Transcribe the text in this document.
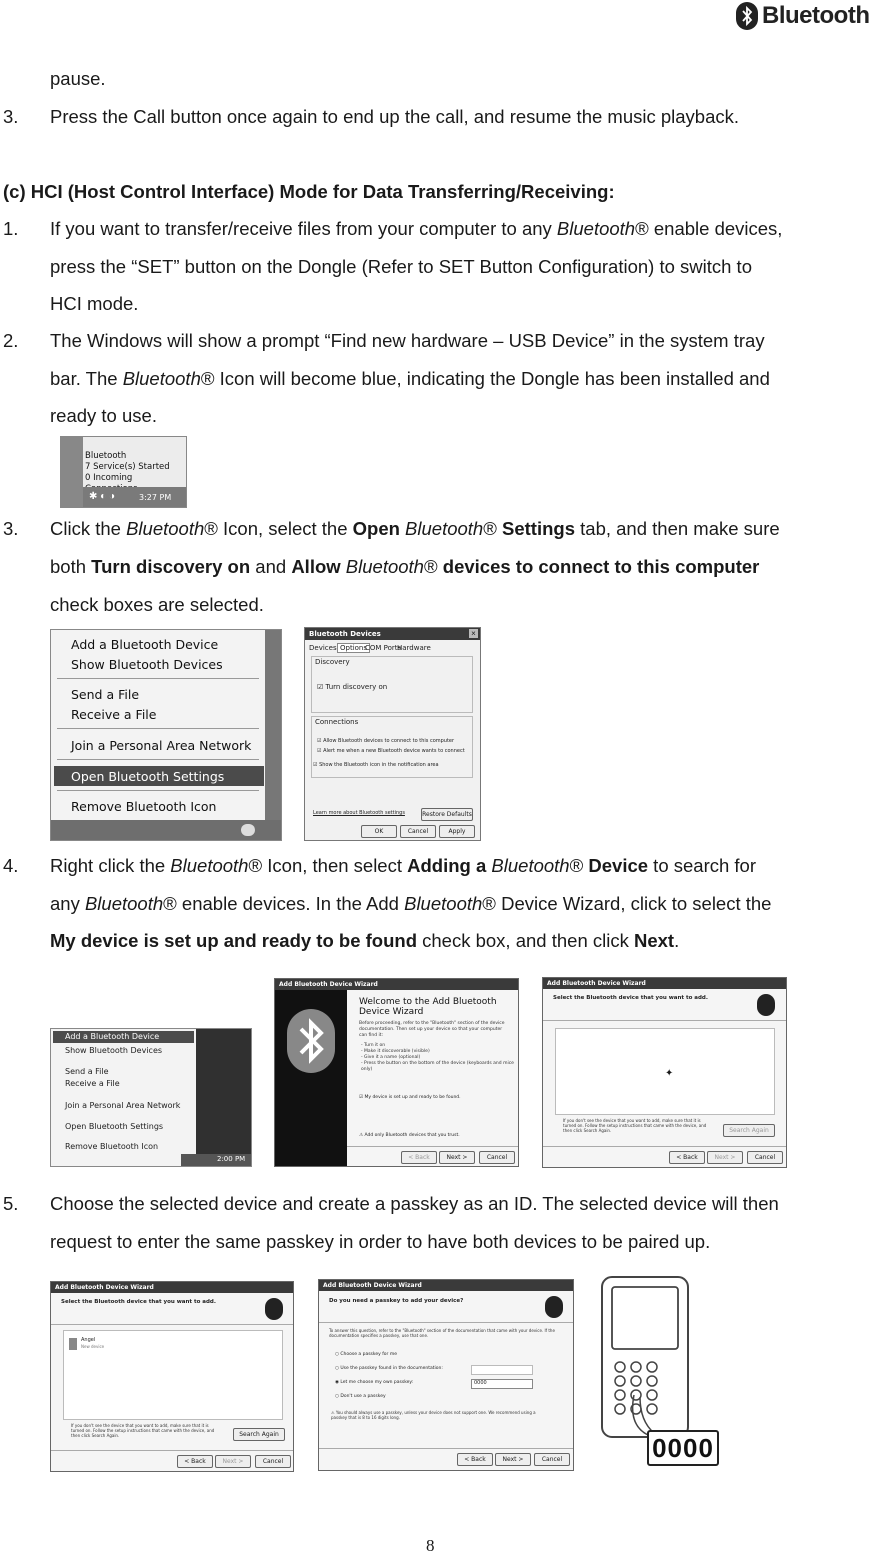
Bluetooth
pause.
3. Press the Call button once again to end up the call, and resume the music playback.
(c) HCI (Host Control Interface) Mode for Data Transferring/Receiving:
1. If you want to transfer/receive files from your computer to any Bluetooth® enable devices,
press the “SET” button on the Dongle (Refer to SET Button Configuration) to switch to
HCI mode.
2. The Windows will show a prompt “Find new hardware – USB Device” in the system tray
bar. The Bluetooth® Icon will become blue, indicating the Dongle has been installed and
ready to use.
Bluetooth
7 Service(s) Started
0 Incoming
✱ ◐ ◑	3:27 PM
3. Click the Bluetooth® Icon, select the Open Bluetooth® Settings tab, and then make sure
both Turn discovery on and Allow Bluetooth® devices to connect to this computer
check boxes are selected.
Add a Bluetooth Device
Show Bluetooth Devices
Send a File
Receive a File
Join a Personal Area Network
Open Bluetooth Settings
Remove Bluetooth Icon
Bluetooth Devices	×
Devices Options
COM Ports
Hardware
Discovery
☑ Turn discovery on
Connections
☑ Allow Bluetooth devices to connect to this computer
☑ Alert me when a new Bluetooth device wants to connect
☑ Show the Bluetooth icon in the notification area
Learn more about Bluetooth settings	Restore Defaults
OK	Cancel	Apply
4. Right click the Bluetooth® Icon, then select Adding a Bluetooth® Device to search for
any Bluetooth® enable devices. In the Add Bluetooth® Device Wizard, click to select the
My device is set up and ready to be found check box, and then click Next.
Add a Bluetooth Device
Show Bluetooth Devices
Send a File
Receive a File
Join a Personal Area Network
Open Bluetooth Settings
Remove Bluetooth Icon
2:00 PM
Add Bluetooth Device Wizard
Welcome to the Add Bluetooth Device Wizard
Before proceeding, refer to the "Bluetooth" section of the device documentation. Then set up your device so that your computer can find it:
- Turn it on
- Make it discoverable (visible)
- Give it a name (optional)
- Press the button on the bottom of the device (keyboards and mice only)
☑ My device is set up and ready to be found.
⚠ Add only Bluetooth devices that you trust.
< Back	Next >	Cancel
Add Bluetooth Device Wizard
Select the Bluetooth device that you want to add.
✦
If you don't see the device that you want to add, make sure that it is turned on. Follow the setup instructions that came with the device, and then click Search Again.	Search Again
< Back	Next >	Cancel
5. Choose the selected device and create a passkey as an ID. The selected device will then
request to enter the same passkey in order to have both devices to be paired up.
Add Bluetooth Device Wizard
Select the Bluetooth device that you want to add.
Angel
New device
If you don't see the device that you want to add, make sure that it is turned on. Follow the setup instructions that came with the device, and then click Search Again.	Search Again
< Back	Next >	Cancel
Add Bluetooth Device Wizard
Do you need a passkey to add your device?
To answer this question, refer to the "Bluetooth" section of the documentation that came with your device. If the documentation specifies a passkey, use that one.
○ Choose a passkey for me
○ Use the passkey found in the documentation:
◉ Let me choose my own passkey:	0000
○ Don't use a passkey
⚠ You should always use a passkey, unless your device does not support one. We recommend using a passkey that is 8 to 16 digits long.
< Back	Next >	Cancel	0000
8
